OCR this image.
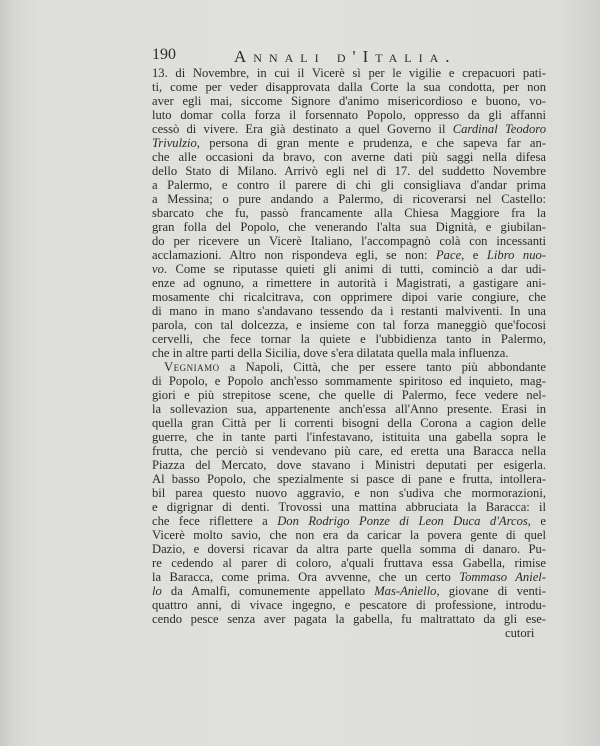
190	Annali d'Italia.
13. di Novembre, in cui il Vicerè sì per le vigilie e crepacuori pati-
ti, come per veder disapprovata dalla Corte la sua condotta, per non
aver egli mai, siccome Signore d'animo misericordioso e buono, vo-
luto domar colla forza il forsennato Popolo, oppresso da gli affanni
cessò di vivere. Era già destinato a quel Governo il Cardinal Teodoro
Trivulzio, persona di gran mente e prudenza, e che sapeva far an-
che alle occasioni da bravo, con averne dati più saggi nella difesa
dello Stato di Milano. Arrivò egli nel dì 17. del suddetto Novembre
a Palermo, e contro il parere di chi gli consigliava d'andar prima
a Messina; o pure andando a Palermo, di ricoverarsi nel Castello:
sbarcato che fu, passò francamente alla Chiesa Maggiore fra la
gran folla del Popolo, che venerando l'alta sua Dignità, e giubilan-
do per ricevere un Vicerè Italiano, l'accompagnò colà con incessanti
acclamazioni. Altro non rispondeva egli, se non: Pace, e Libro nuo-
vo. Come se riputasse quieti gli animi di tutti, cominciò a dar udi-
enze ad ognuno, a rimettere in autorità i Magistrati, a gastigare ani-
mosamente chi ricalcitrava, con opprimere dipoi varie congiure, che
di mano in mano s'andavano tessendo da i restanti malviventi. In una
parola, con tal dolcezza, e insieme con tal forza maneggiò que'focosi
cervelli, che fece tornar la quiete e l'ubbidienza tanto in Palermo,
che in altre parti della Sicilia, dove s'era dilatata quella mala influenza.
Vegniamo a Napoli, Città, che per essere tanto più abbondante
di Popolo, e Popolo anch'esso sommamente spiritoso ed inquieto, mag-
giori e più strepitose scene, che quelle di Palermo, fece vedere nel-
la sollevazion sua, appartenente anch'essa all'Anno presente. Erasi in
quella gran Città per li correnti bisogni della Corona a cagion delle
guerre, che in tante parti l'infestavano, istituita una gabella sopra le
frutta, che perciò si vendevano più care, ed eretta una Baracca nella
Piazza del Mercato, dove stavano i Ministri deputati per esigerla.
Al basso Popolo, che spezialmente si pasce di pane e frutta, intollera-
bil parea questo nuovo aggravio, e non s'udiva che mormorazioni,
e digrignar di denti. Trovossi una mattina abbruciata la Baracca: il
che fece riflettere a Don Rodrigo Ponze di Leon Duca d'Arcos, e
Vicerè molto savio, che non era da caricar la povera gente di quel
Dazio, e doversi ricavar da altra parte quella somma di danaro. Pu-
re cedendo al parer di coloro, a'quali fruttava essa Gabella, rimise
la Baracca, come prima. Ora avvenne, che un certo Tommaso Aniel-
lo da Amalfi, comunemente appellato Mas-Aniello, giovane di venti-
quattro anni, di vivace ingegno, e pescatore di professione, introdu-
cendo pesce senza aver pagata la gabella, fu maltrattato da gli ese-
cutori
